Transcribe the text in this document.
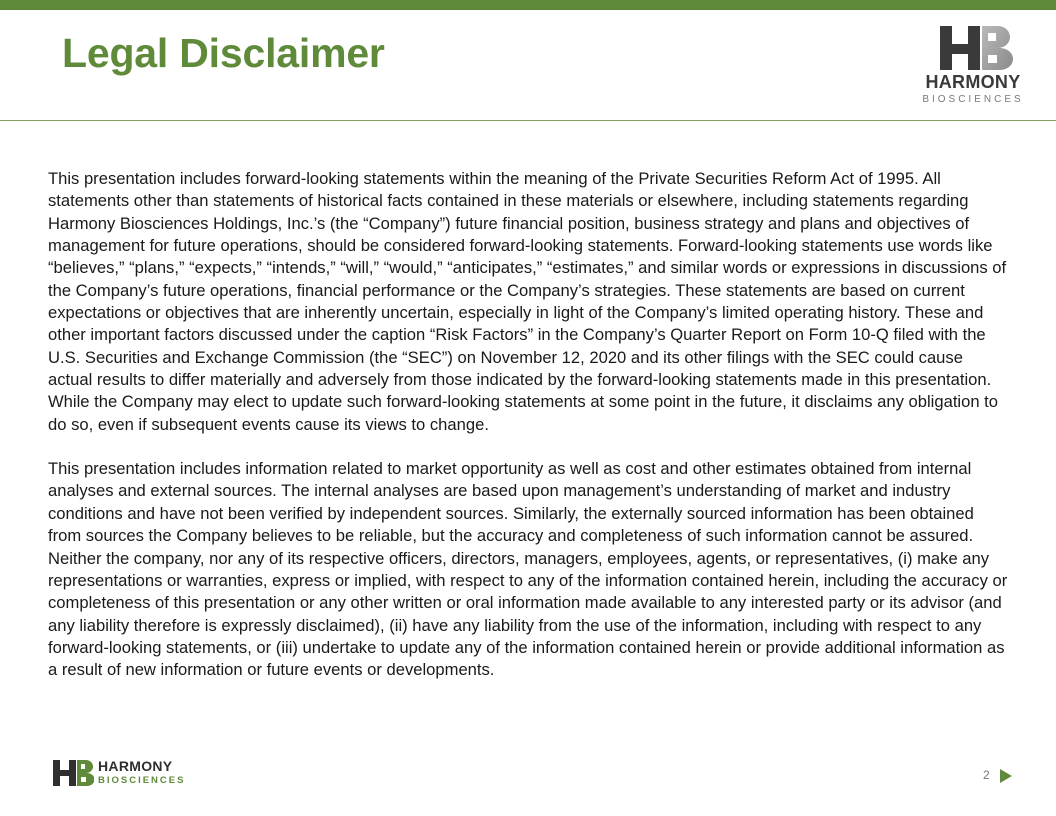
Legal Disclaimer
HARMONY
BIOSCIENCES

This presentation includes forward-looking statements within the meaning of the Private Securities Reform Act of 1995. All statements other than statements of historical facts contained in these materials or elsewhere, including statements regarding Harmony Biosciences Holdings, Inc.’s (the “Company”) future financial position, business strategy and plans and objectives of management for future operations, should be considered forward-looking statements. Forward-looking statements use words like “believes,” “plans,” “expects,” “intends,” “will,” “would,” “anticipates,” “estimates,” and similar words or expressions in discussions of the Company’s future operations, financial performance or the Company’s strategies. These statements are based on current expectations or objectives that are inherently uncertain, especially in light of the Company’s limited operating history. These and other important factors discussed under the caption “Risk Factors” in the Company’s Quarter Report on Form 10-Q filed with the U.S. Securities and Exchange Commission (the “SEC”) on November 12, 2020 and its other filings with the SEC could cause actual results to differ materially and adversely from those indicated by the forward-looking statements made in this presentation. While the Company may elect to update such forward-looking statements at some point in the future, it disclaims any obligation to do so, even if subsequent events cause its views to change.

This presentation includes information related to market opportunity as well as cost and other estimates obtained from internal analyses and external sources. The internal analyses are based upon management’s understanding of market and industry conditions and have not been verified by independent sources. Similarly, the externally sourced information has been obtained from sources the Company believes to be reliable, but the accuracy and completeness of such information cannot be assured. Neither the company, nor any of its respective officers, directors, managers, employees, agents, or representatives, (i) make any representations or warranties, express or implied, with respect to any of the information contained herein, including the accuracy or completeness of this presentation or any other written or oral information made available to any interested party or its advisor (and any liability therefore is expressly disclaimed), (ii) have any liability from the use of the information, including with respect to any forward-looking statements, or (iii) undertake to update any of the information contained herein or provide additional information as a result of new information or future events or developments.

HARMONY
BIOSCIENCES	2
